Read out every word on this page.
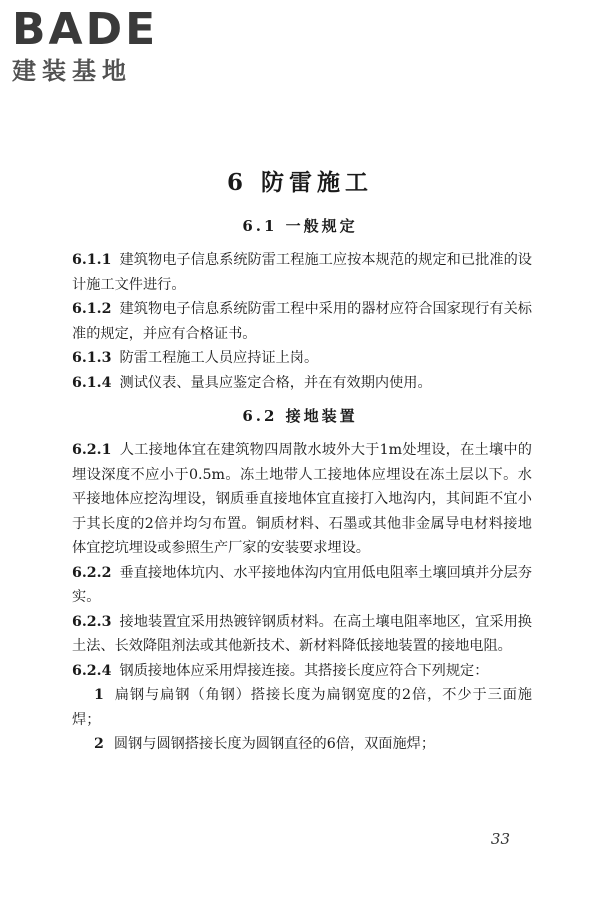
BADE
建装基地
6 防雷施工
6.1 一般规定

6.1.1 建筑物电子信息系统防雷工程施工应按本规范的规定和已批准的设计施工文件进行。

6.1.2 建筑物电子信息系统防雷工程中采用的器材应符合国家现行有关标准的规定，并应有合格证书。

6.1.3 防雷工程施工人员应持证上岗。

6.1.4 测试仪表、量具应鉴定合格，并在有效期内使用。

6.2 接地装置

6.2.1 人工接地体宜在建筑物四周散水坡外大于1m处埋设，在土壤中的埋设深度不应小于0.5m。冻土地带人工接地体应埋设在冻土层以下。水平接地体应挖沟埋设，钢质垂直接地体宜直接打入地沟内，其间距不宜小于其长度的2倍并均匀布置。铜质材料、石墨或其他非金属导电材料接地体宜挖坑埋设或参照生产厂家的安装要求埋设。

6.2.2 垂直接地体坑内、水平接地体沟内宜用低电阻率土壤回填并分层夯实。

6.2.3 接地装置宜采用热镀锌钢质材料。在高土壤电阻率地区，宜采用换土法、长效降阻剂法或其他新技术、新材料降低接地装置的接地电阻。

6.2.4 钢质接地体应采用焊接连接。其搭接长度应符合下列规定：

1 扁钢与扁钢（角钢）搭接长度为扁钢宽度的2倍，不少于三面施焊；

2 圆钢与圆钢搭接长度为圆钢直径的6倍，双面施焊；

33
